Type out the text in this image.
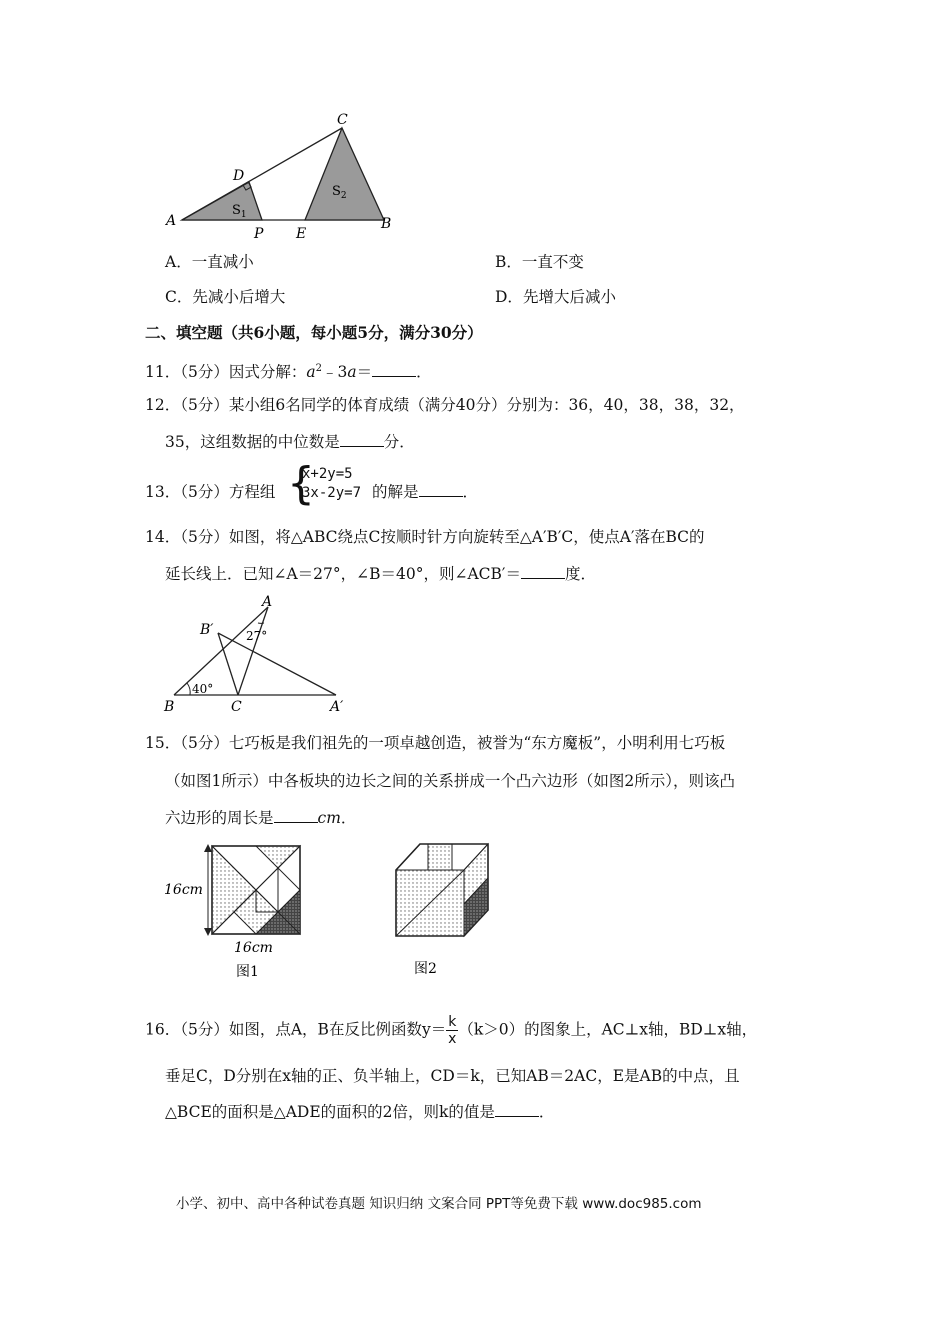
C
D
A
P E
B
$S_1$
$S_2$
A．一直减小	B．一直不变
C．先减小后增大	D．先增大后减小
二、填空题（共6小题，每小题5分，满分30分）
11．（5分）因式分解：$a^2﹣3a=$	．
12．（5分）某小组6名同学的体育成绩（满分40分）分别为：36，40，38，38，32，
35，这组数据的中位数是	分．
13．（5分）方程组 {
x+2y=5
3x-2y=7 的解是	．
14．（5分）如图，将△ABC绕点C按顺时针方向旋转至△A′B′C，使点A′落在BC的
延长线上．已知∠A＝27°，∠B＝40°，则∠ACB′＝	度．
A
B′
B	C	A′
27°
40°
15．（5分）七巧板是我们祖先的一项卓越创造，被誉为“东方魔板”，小明利用七巧板
（如图1所示）中各板块的边长之间的关系拼成一个凸六边形（如图2所示），则该凸
六边形的周长是	cm．
16cm
16cm
图1	图2
16．（5分）如图，点A，B在反比例函数$y= \frac{k}{x} (k>0)$的图象上，AC⊥x轴，BD⊥x轴，
垂足C，D分别在x轴的正、负半轴上，CD＝k，已知AB＝2AC，E是AB的中点，且
△BCE的面积是△ADE的面积的2倍，则k的值是	．
小学、初中、高中各种试卷真题 知识归纳 文案合同 PPT等免费下载 www.doc985.com
